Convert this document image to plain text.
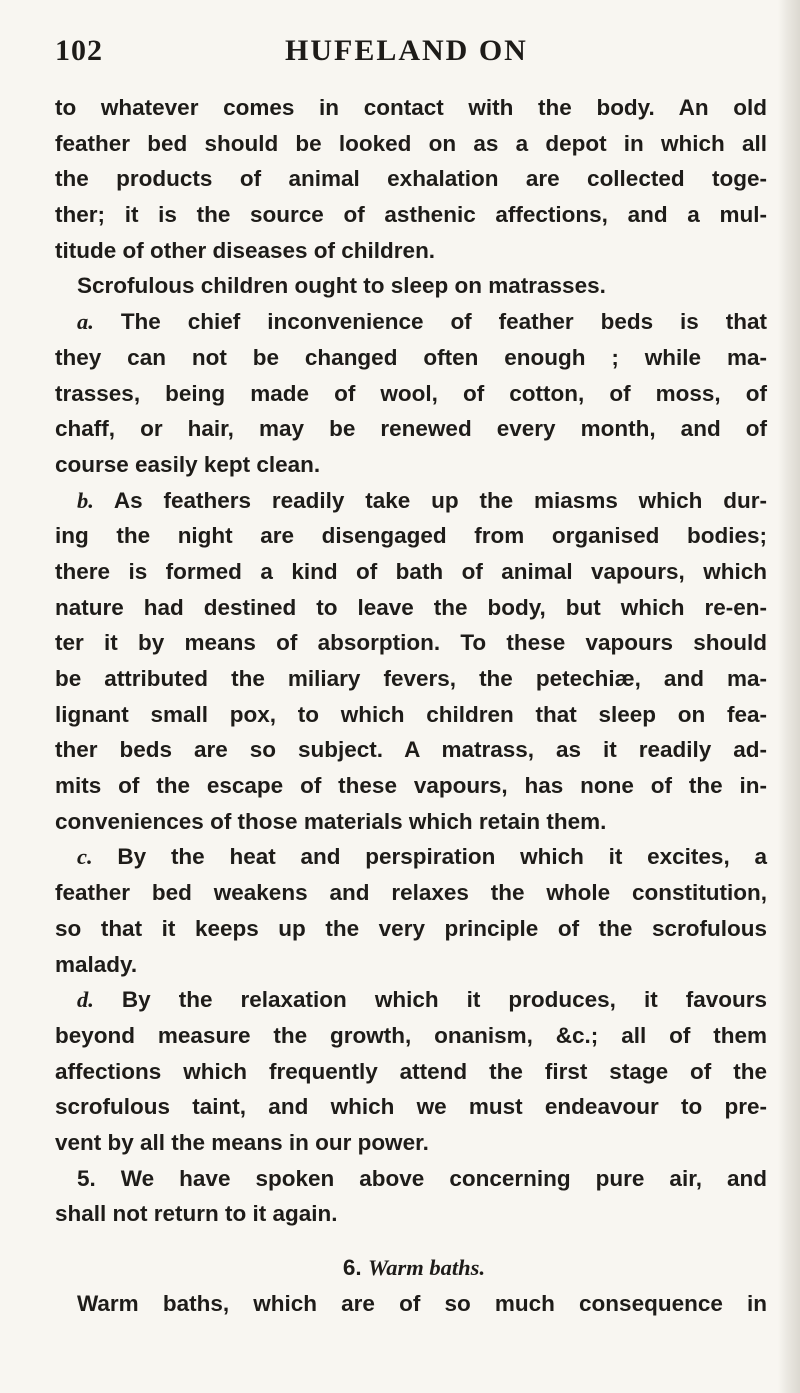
102	HUFELAND ON
to whatever comes in contact with the body. An old
feather bed should be looked on as a depot in which all
the products of animal exhalation are collected toge-
ther; it is the source of asthenic affections, and a mul-
titude of other diseases of children.
Scrofulous children ought to sleep on matrasses.
a. The chief inconvenience of feather beds is that
they can not be changed often enough ; while ma-
trasses, being made of wool, of cotton, of moss, of
chaff, or hair, may be renewed every month, and of
course easily kept clean.
b. As feathers readily take up the miasms which dur-
ing the night are disengaged from organised bodies;
there is formed a kind of bath of animal vapours, which
nature had destined to leave the body, but which re-en-
ter it by means of absorption. To these vapours should
be attributed the miliary fevers, the petechiæ, and ma-
lignant small pox, to which children that sleep on fea-
ther beds are so subject. A matrass, as it readily ad-
mits of the escape of these vapours, has none of the in-
conveniences of those materials which retain them.
c. By the heat and perspiration which it excites, a
feather bed weakens and relaxes the whole constitution,
so that it keeps up the very principle of the scrofulous
malady.
d. By the relaxation which it produces, it favours
beyond measure the growth, onanism, &c.; all of them
affections which frequently attend the first stage of the
scrofulous taint, and which we must endeavour to pre-
vent by all the means in our power.
5. We have spoken above concerning pure air, and
shall not return to it again.
6. Warm baths.
Warm baths, which are of so much consequence in
